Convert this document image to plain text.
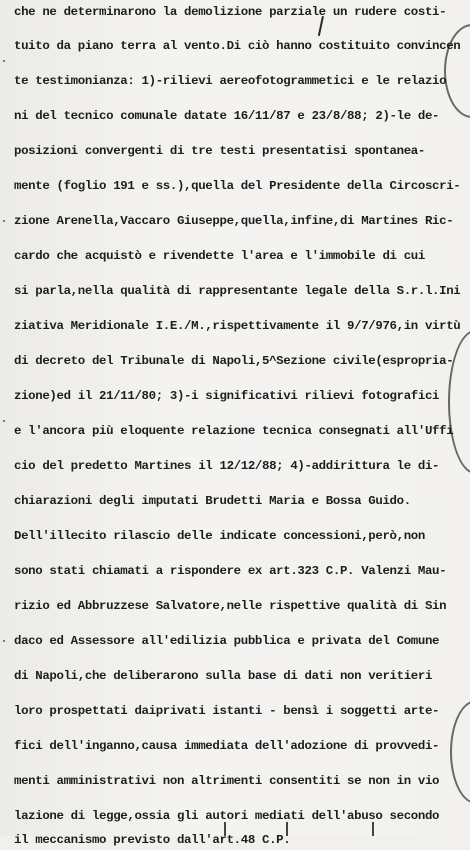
che ne determinarono la demolizione parziale un rudere costi-
tuito da piano terra al vento.Di ciò hanno costituito convincen
te testimonianza: 1)-rilievi aereofotogrammetici e le relazio
ni del tecnico comunale datate 16/11/87 e 23/8/88; 2)-le de-
posizioni convergenti di tre testi presentatisi spontanea-
mente (foglio 191 e ss.),quella del Presidente della Circoscri-
zione Arenella,Vaccaro Giuseppe,quella,infine,di Martines Ric-
cardo che acquistò e rivendette l'area e l'immobile di cui
si parla,nella qualità di rappresentante legale della S.r.l.Ini
ziativa Meridionale I.E./M.,rispettivamente il 9/7/976,in virtù
di decreto del Tribunale di Napoli,5^Sezione civile(espropria-
zione)ed il 21/11/80; 3)-i significativi rilievi fotografici
e l'ancora più eloquente relazione tecnica consegnati all'Uffi
cio del predetto Martines il 12/12/88; 4)-addirittura le di-
chiarazioni degli imputati Brudetti Maria e Bossa Guido.
Dell'illecito rilascio delle indicate concessioni,però,non
sono stati chiamati a rispondere ex art.323 C.P. Valenzi Mau-
rizio ed Abbruzzese Salvatore,nelle rispettive qualità di Sin
daco ed Assessore all'edilizia pubblica e privata del Comune
di Napoli,che deliberarono sulla base di dati non veritieri
loro prospettati daiprivati istanti - bensì i soggetti arte-
fici dell'inganno,causa immediata dell'adozione di provvedi-
menti amministrativi non altrimenti consentiti se non in vio
lazione di legge,ossia gli autori mediati dell'abuso secondo
il meccanismo previsto dall'art.48 C.P.
